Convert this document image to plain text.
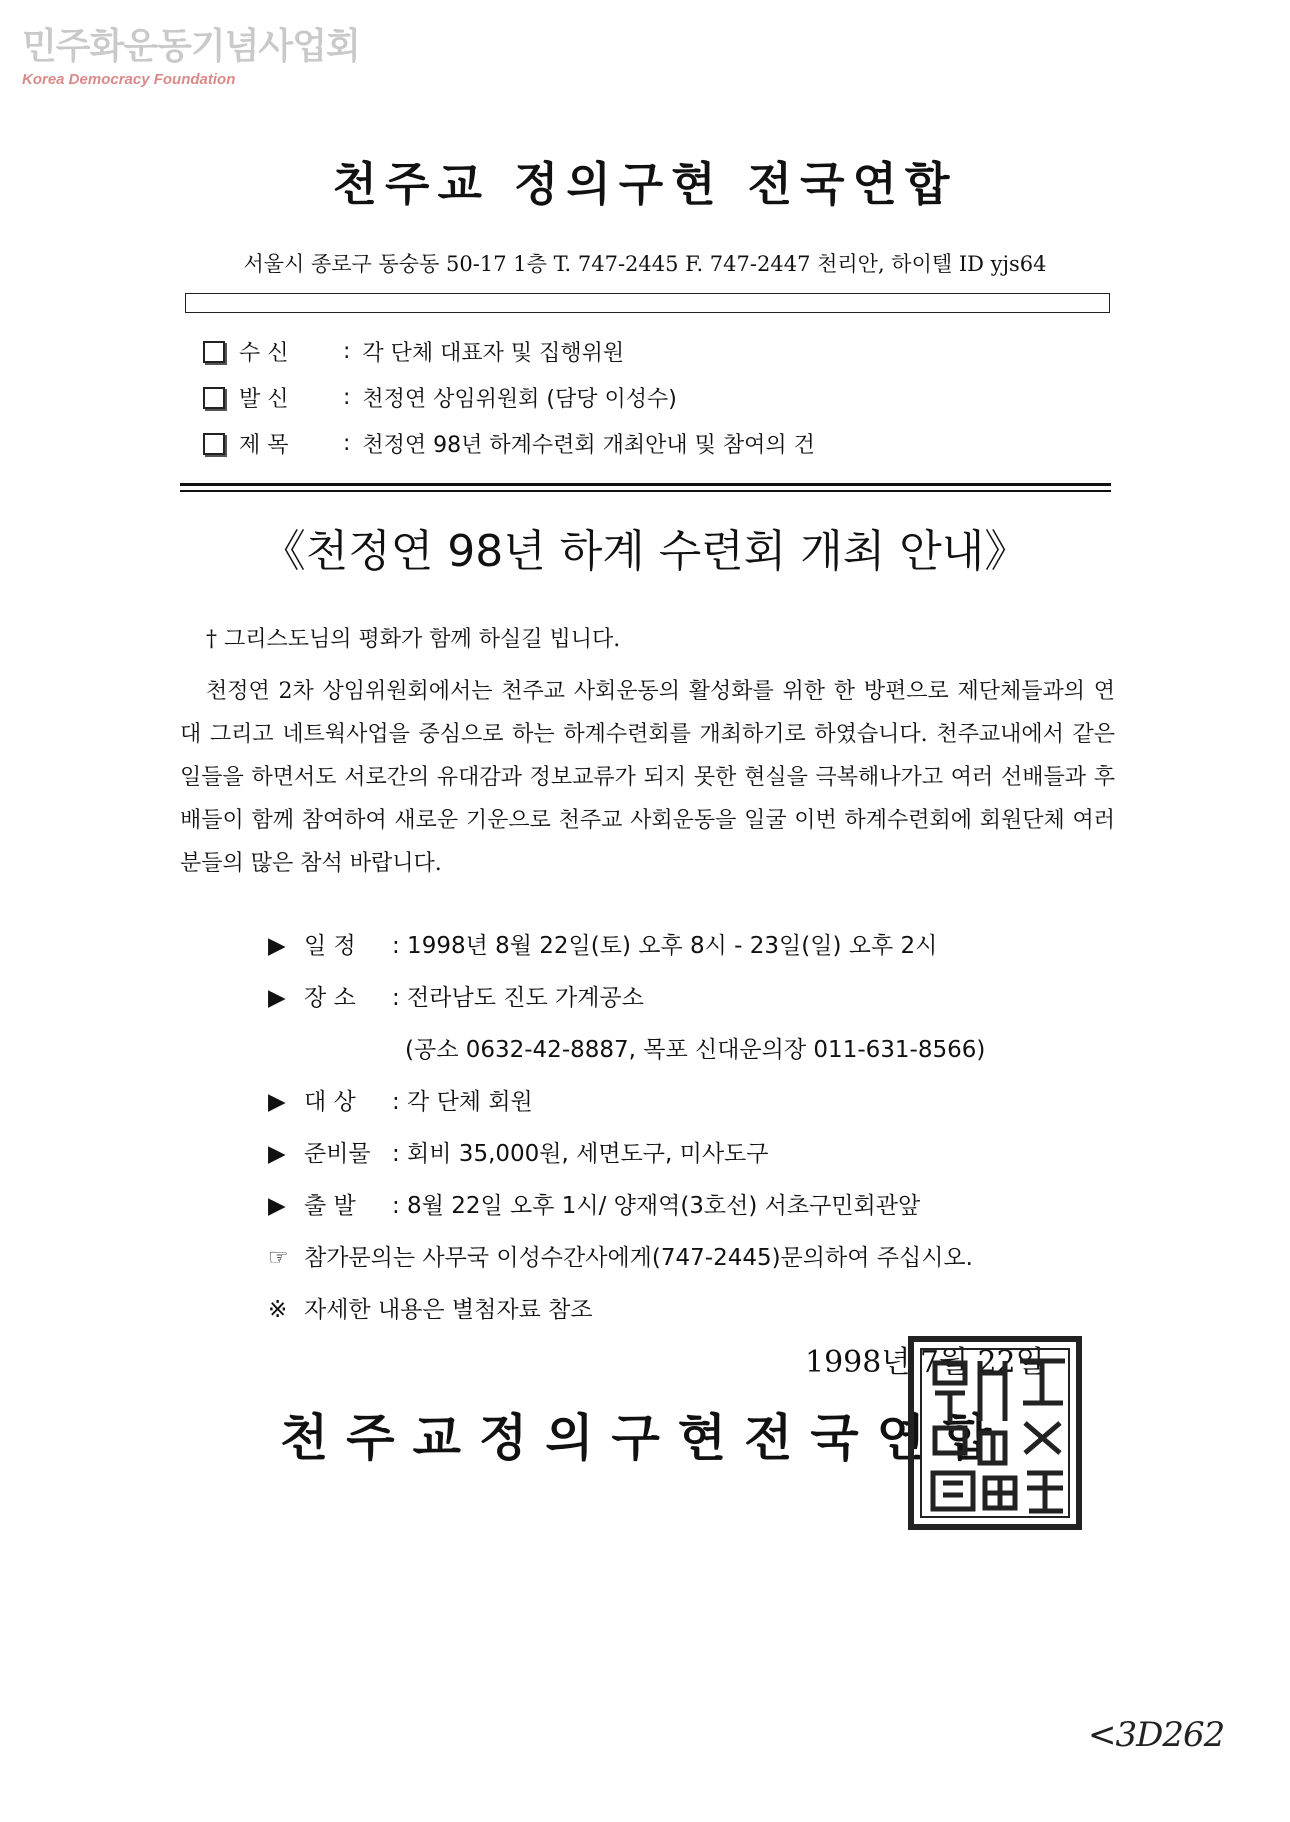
민주화운동기념사업회
Korea Democracy Foundation
천주교 정의구현 전국연합
서울시 종로구 동숭동 50-17 1층 T. 747-2445 F. 747-2447 천리안, 하이텔 ID yjs64
수 신	: 각 단체 대표자 및 집행위원
발 신	: 천정연 상임위원회 (담당 이성수)
제 목	: 천정연 98년 하계수련회 개최안내 및 참여의 건
《천정연 98년 하계 수련회 개최 안내》
† 그리스도님의 평화가 함께 하실길 빕니다.
천정연 2차 상임위원회에서는 천주교 사회운동의 활성화를 위한 한 방편으로 제단체들과의 연대 그리고 네트웍사업을 중심으로 하는 하계수련회를 개최하기로 하였습니다. 천주교내에서 같은 일들을 하면서도 서로간의 유대감과 정보교류가 되지 못한 현실을 극복해나가고 여러 선배들과 후배들이 함께 참여하여 새로운 기운으로 천주교 사회운동을 일굴 이번 하계수련회에 회원단체 여러분들의 많은 참석 바랍니다.
▶ 일 정 : 1998년 8월 22일(토) 오후 8시 - 23일(일) 오후 2시
▶ 장 소 : 전라남도 진도 가계공소
(공소 0632-42-8887, 목포 신대운의장 011-631-8566)
▶ 대 상 : 각 단체 회원
▶ 준비물 : 회비 35,000원, 세면도구, 미사도구
▶ 출 발 : 8월 22일 오후 1시/ 양재역(3호선) 서초구민회관앞
☞ 참가문의는 사무국 이성수간사에게(747-2445)문의하여 주십시오.
※ 자세한 내용은 별첨자료 참조
1998년 7월 22일
천주교정의구현전국연합
<3D262
